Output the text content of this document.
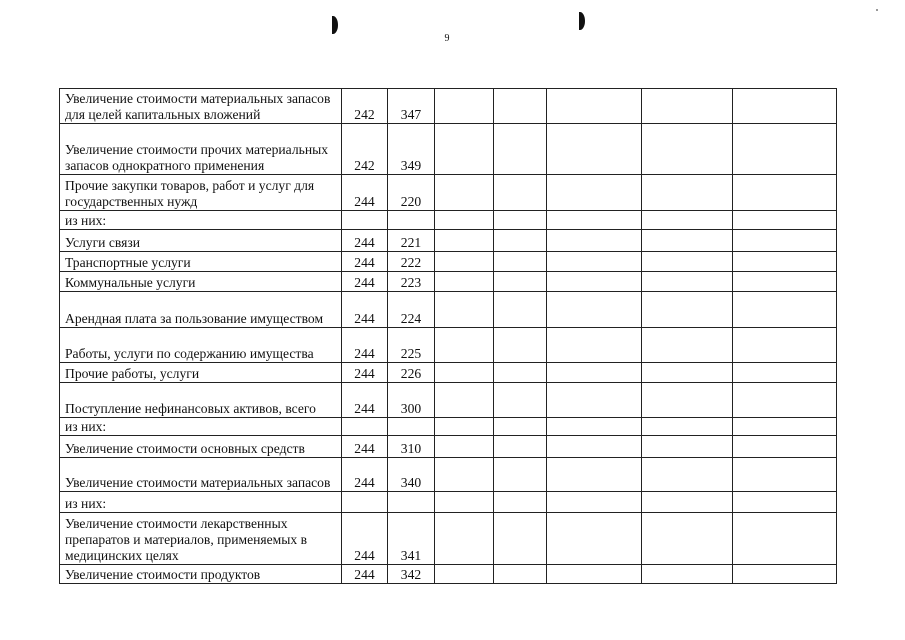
9
Увеличение стоимости материальных запасов для целей капитальных вложений	242	347					
Увеличение стоимости прочих материальных запасов однократного применения	242	349					
Прочие закупки товаров, работ и услуг для государственных нужд	244	220					
из них:							
Услуги связи	244	221					
Транспортные услуги	244	222					
Коммунальные услуги	244	223					
Арендная плата за пользование имуществом	244	224					
Работы, услуги по содержанию имущества	244	225					
Прочие работы, услуги	244	226					
Поступление нефинансовых активов, всего	244	300					
из них:							
Увеличение стоимости основных средств	244	310					
Увеличение стоимости материальных запасов	244	340					
из них:							
Увеличение стоимости лекарственных препаратов и материалов, применяемых в медицинских целях	244	341					
Увеличение стоимости продуктов	244	342					
